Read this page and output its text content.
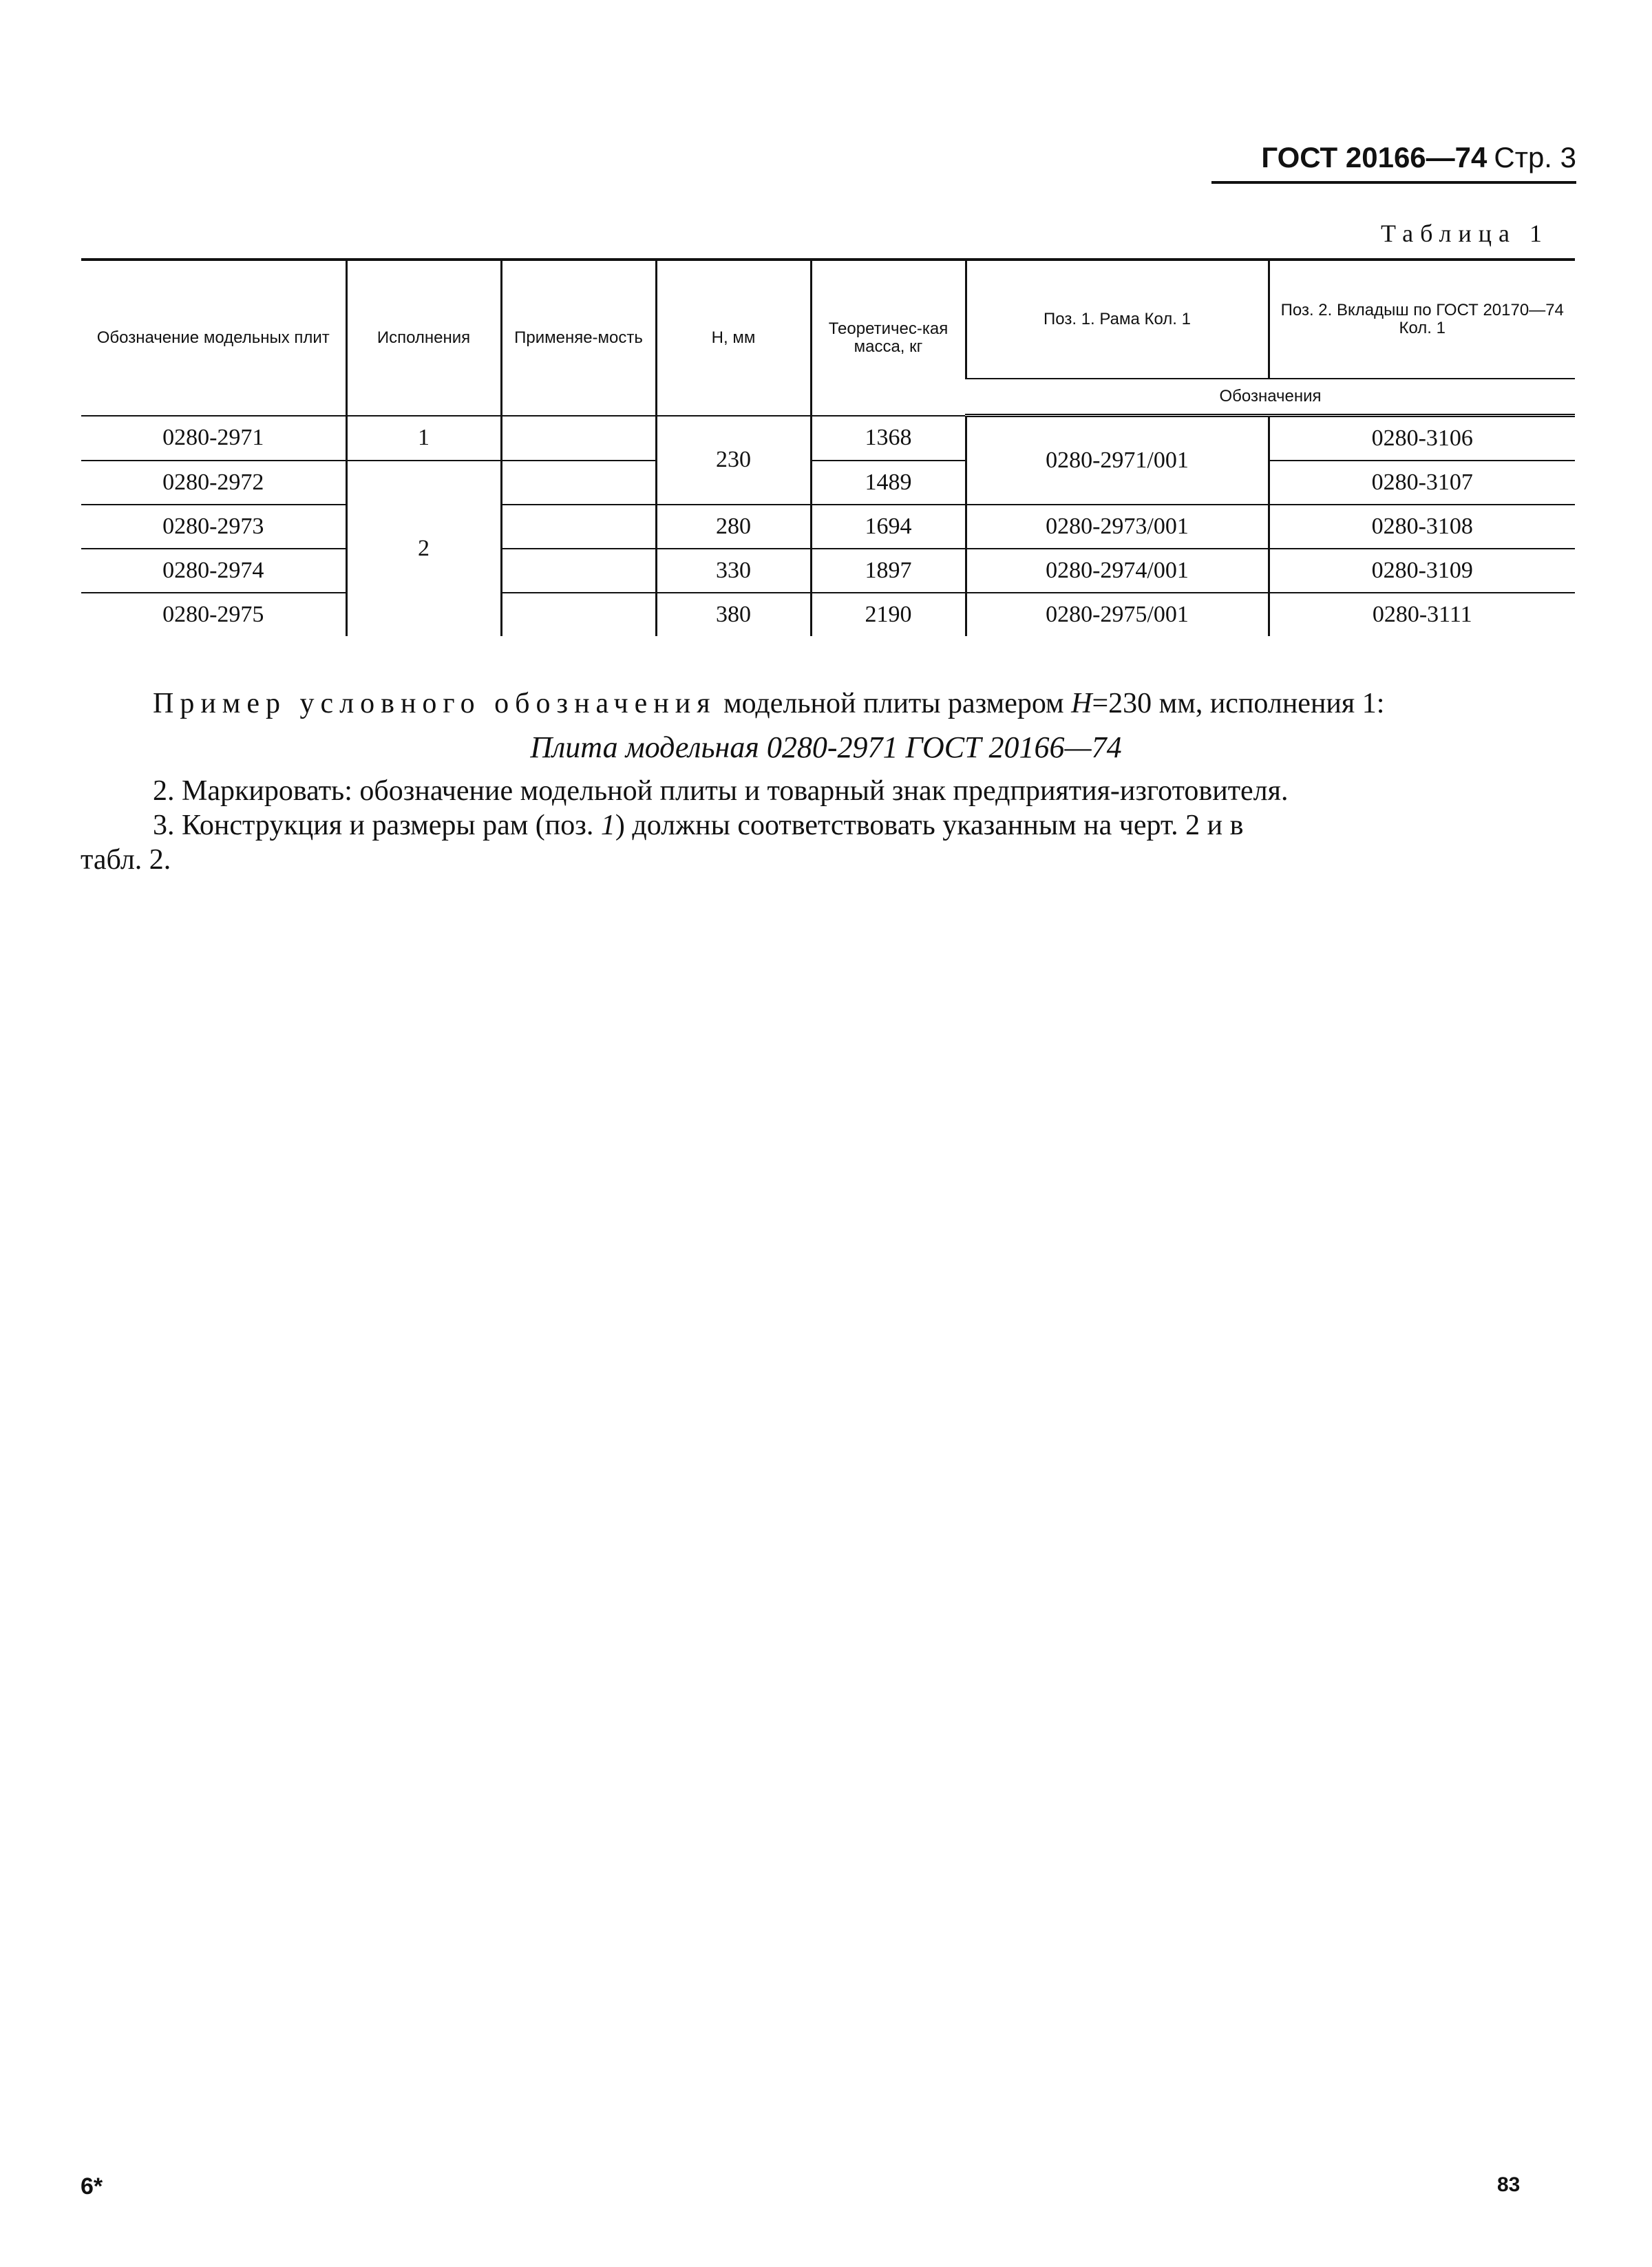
ГОСТ 20166—74 Стр. 3
Таблица 1
Обозначение модельных плит	Исполнения	Применяе-мость	H, мм	Теоретичес-кая масса, кг	Поз. 1. Рама Кол. 1	Поз. 2. Вкладыш по ГОСТ 20170—74 Кол. 1
					Обозначения	
0280-2971	1		230	1368	0280-2971/001	0280-3106
0280-2972	2			1489		0280-3107
0280-2973			280	1694	0280-2973/001	0280-3108
0280-2974			330	1897	0280-2974/001	0280-3109
0280-2975			380	2190	0280-2975/001	0280-3111
Пример условного обозначения модельной плиты размером H=230 мм, исполнения 1:
Плита модельная 0280-2971 ГОСТ 20166—74
2. Маркировать: обозначение модельной плиты и товарный знак предприятия-изготовителя.
3. Конструкция и размеры рам (поз. 1) должны соответствовать указанным на черт. 2 и в
табл. 2.
6*	83
